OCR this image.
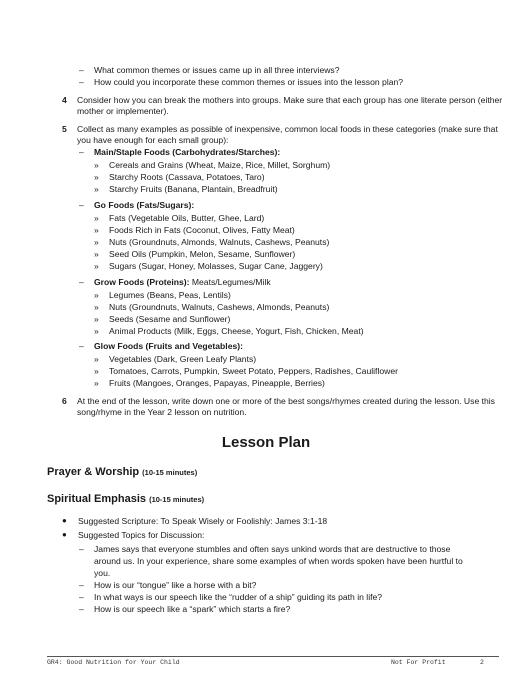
– What common themes or issues came up in all three interviews?
– How could you incorporate these common themes or issues into the lesson plan?
4 Consider how you can break the mothers into groups. Make sure that each group has one literate person (either mother or implementer).
5 Collect as many examples as possible of inexpensive, common local foods in these categories (make sure that you have enough for each small group):
– Main/Staple Foods (Carbohydrates/Starches):
» Cereals and Grains (Wheat, Maize, Rice, Millet, Sorghum)
» Starchy Roots (Cassava, Potatoes, Taro)
» Starchy Fruits (Banana, Plantain, Breadfruit)
– Go Foods (Fats/Sugars):
» Fats (Vegetable Oils, Butter, Ghee, Lard)
» Foods Rich in Fats (Coconut, Olives, Fatty Meat)
» Nuts (Groundnuts, Almonds, Walnuts, Cashews, Peanuts)
» Seed Oils (Pumpkin, Melon, Sesame, Sunflower)
» Sugars (Sugar, Honey, Molasses, Sugar Cane, Jaggery)
– Grow Foods (Proteins): Meats/Legumes/Milk
» Legumes (Beans, Peas, Lentils)
» Nuts (Groundnuts, Walnuts, Cashews, Almonds, Peanuts)
» Seeds (Sesame and Sunflower)
» Animal Products (Milk, Eggs, Cheese, Yogurt, Fish, Chicken, Meat)
– Glow Foods (Fruits and Vegetables):
» Vegetables (Dark, Green Leafy Plants)
» Tomatoes, Carrots, Pumpkin, Sweet Potato, Peppers, Radishes, Cauliflower
» Fruits (Mangoes, Oranges, Papayas, Pineapple, Berries)
6 At the end of the lesson, write down one or more of the best songs/rhymes created during the lesson. Use this song/rhyme in the Year 2 lesson on nutrition.
Lesson Plan
Prayer & Worship (10-15 minutes)
Spiritual Emphasis (10-15 minutes)
● Suggested Scripture: To Speak Wisely or Foolishly: James 3:1-18
● Suggested Topics for Discussion:
– James says that everyone stumbles and often says unkind words that are destructive to those
around us. In your experience, share some examples of when words spoken have been hurtful to
you.
– How is our “tongue” like a horse with a bit?
– In what ways is our speech like the “rudder of a ship” guiding its path in life?
– How is our speech like a “spark” which starts a fire?
GR4: Good Nutrition for Your Child	Not For Profit	2
